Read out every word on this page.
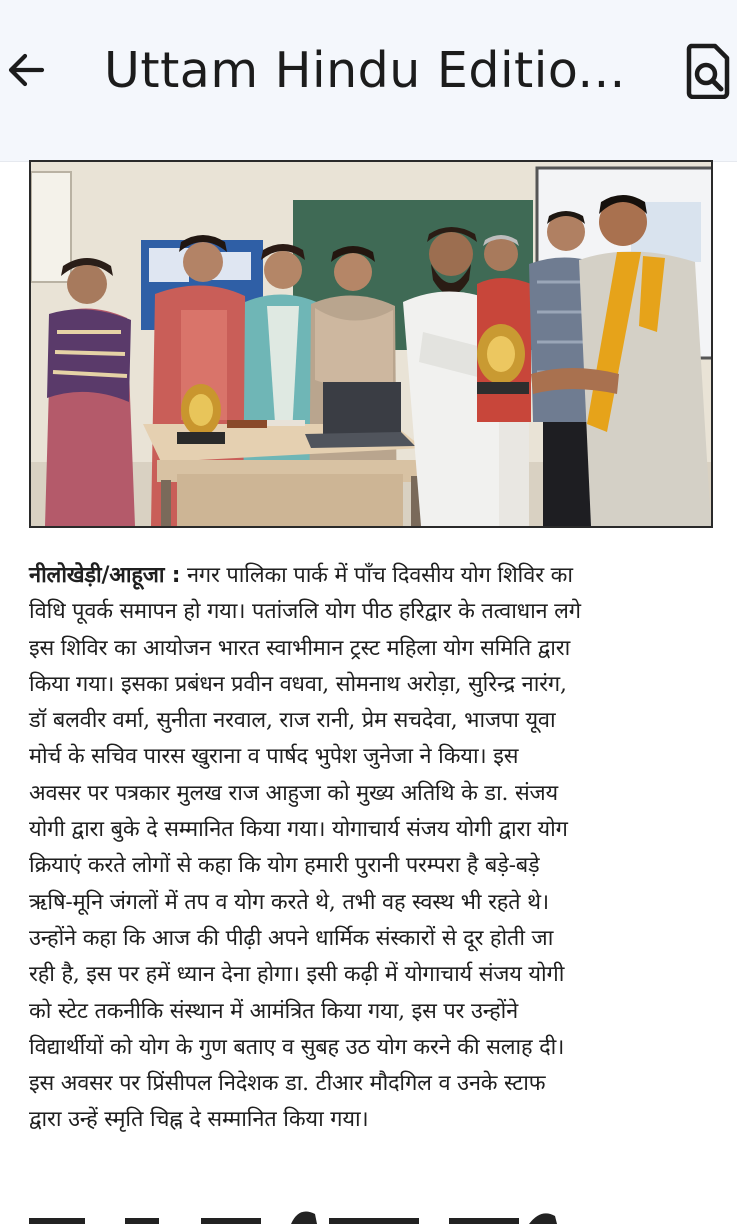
Uttam Hindu Editio...
नीलोखेड़ी/आहूजा : नगर पालिका पार्क में पाँच दिवसीय योग शिविर का
विधि पूवर्क समापन हो गया। पतांजलि योग पीठ हरिद्वार के तत्वाधान लगे
इस शिविर का आयोजन भारत स्वाभीमान ट्रस्ट महिला योग समिति द्वारा
किया गया। इसका प्रबंधन प्रवीन वधवा, सोमनाथ अरोड़ा, सुरिन्द्र नारंग,
डॉ बलवीर वर्मा, सुनीता नरवाल, राज रानी, प्रेम सचदेवा, भाजपा यूवा
मोर्च के सचिव पारस खुराना व पार्षद भुपेश जुनेजा ने किया। इस
अवसर पर पत्रकार मुलख राज आहुजा को मुख्य अतिथि के डा. संजय
योगी द्वारा बुके दे सम्मानित किया गया। योगाचार्य संजय योगी द्वारा योग
क्रियाएं करते लोगों से कहा कि योग हमारी पुरानी परम्परा है बड़े-बड़े
ऋषि-मूनि जंगलों में तप व योग करते थे, तभी वह स्वस्थ भी रहते थे।
उन्होंने कहा कि आज की पीढ़ी अपने धार्मिक संस्कारों से दूर होती जा
रही है, इस पर हमें ध्यान देना होगा। इसी कढ़ी में योगाचार्य संजय योगी
को स्टेट तकनीकि संस्थान में आमंत्रित किया गया, इस पर उन्होंने
विद्यार्थीयों को योग के गुण बताए व सुबह उठ योग करने की सलाह दी।
इस अवसर पर प्रिंसीपल निदेशक डा. टीआर मौदगिल व उनके स्टाफ
द्वारा उन्हें स्मृति चिह्न दे सम्मानित किया गया।
